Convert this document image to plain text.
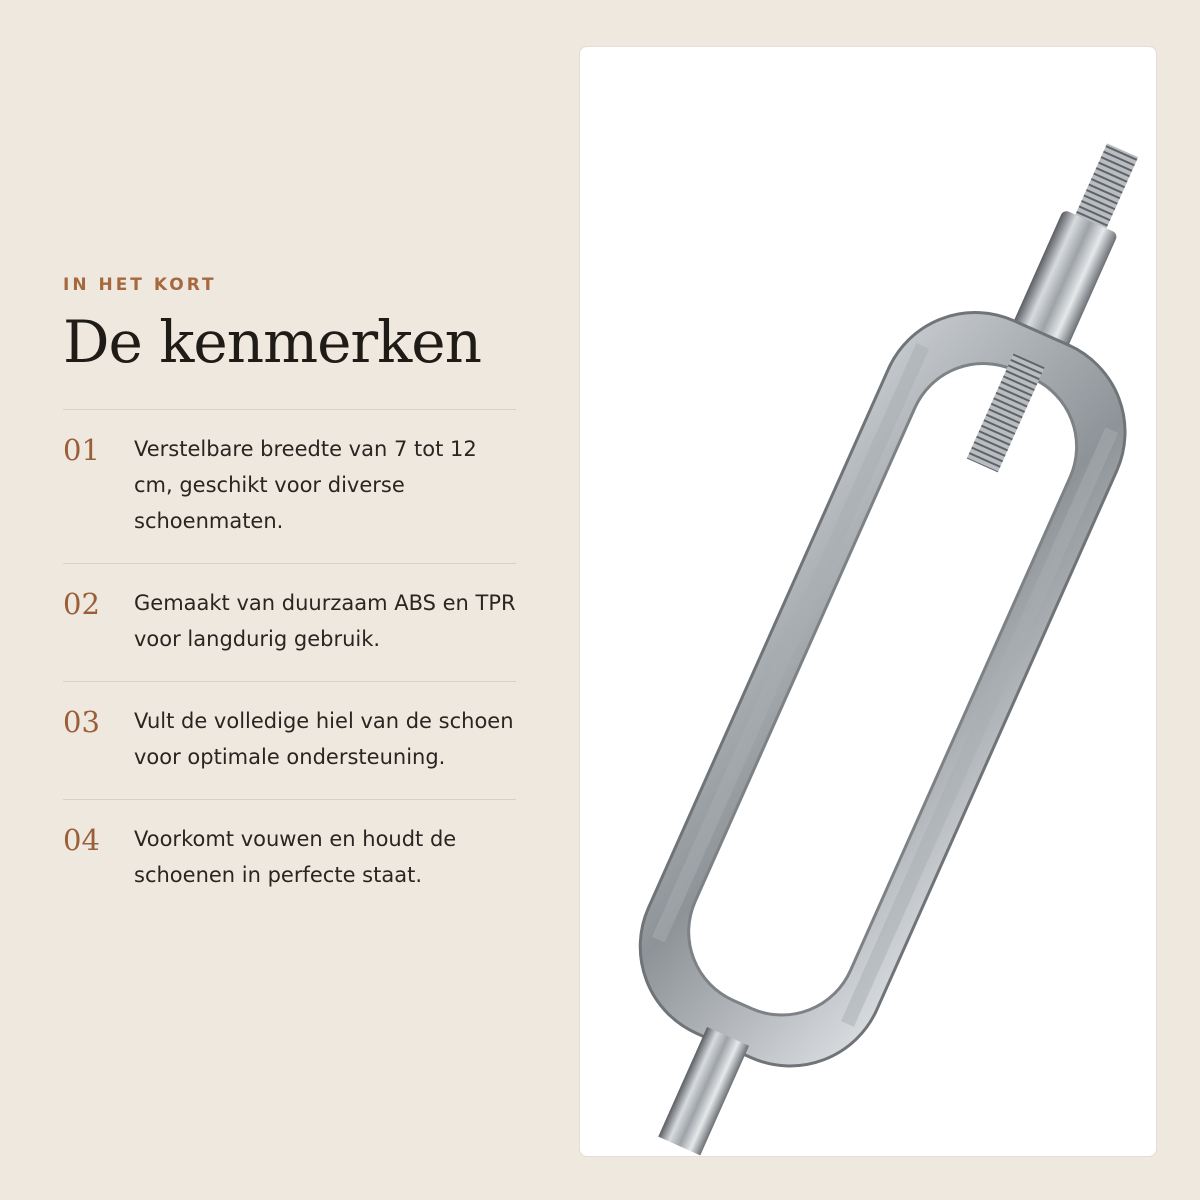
IN HET KORT

De kenmerken
01	Verstelbare breedte van 7 tot 12 cm, geschikt voor diverse schoenmaten.
02	Gemaakt van duurzaam ABS en TPR voor langdurig gebruik.
03	Vult de volledige hiel van de schoen voor optimale ondersteuning.
04	Voorkomt vouwen en houdt de schoenen in perfecte staat.
